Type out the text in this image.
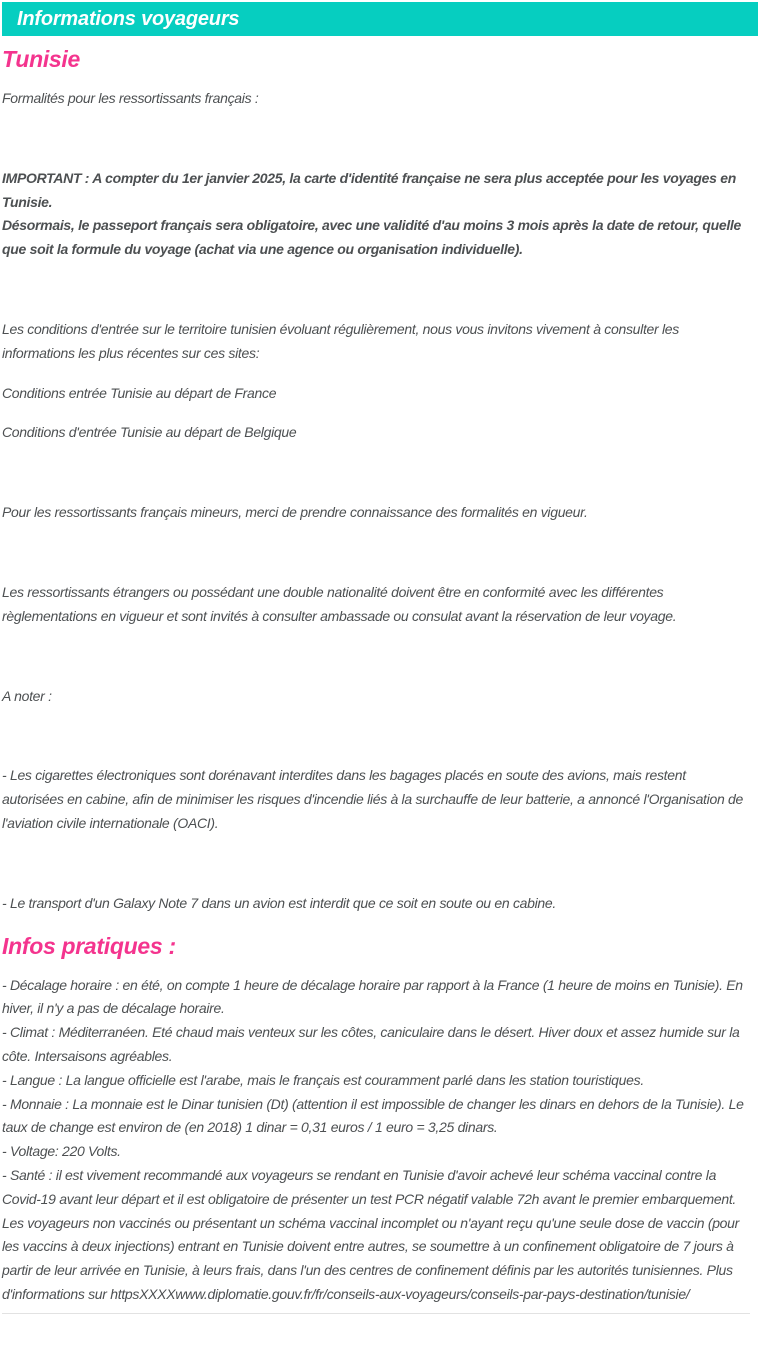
Informations voyageurs
Tunisie

Formalités pour les ressortissants français :

IMPORTANT : A compter du 1er janvier 2025, la carte d'identité française ne sera plus acceptée pour les voyages en Tunisie.

Désormais, le passeport français sera obligatoire, avec une validité d'au moins 3 mois après la date de retour, quelle que soit la formule du voyage (achat via une agence ou organisation individuelle).

Les conditions d'entrée sur le territoire tunisien évoluant régulièrement, nous vous invitons vivement à consulter les informations les plus récentes sur ces sites:

Conditions entrée Tunisie au départ de France

Conditions d'entrée Tunisie au départ de Belgique

Pour les ressortissants français mineurs, merci de prendre connaissance des formalités en vigueur.

Les ressortissants étrangers ou possédant une double nationalité doivent être en conformité avec les différentes règlementations en vigueur et sont invités à consulter ambassade ou consulat avant la réservation de leur voyage.

A noter :

- Les cigarettes électroniques sont dorénavant interdites dans les bagages placés en soute des avions, mais restent autorisées en cabine, afin de minimiser les risques d'incendie liés à la surchauffe de leur batterie, a annoncé l'Organisation de l'aviation civile internationale (OACI).

- Le transport d'un Galaxy Note 7 dans un avion est interdit que ce soit en soute ou en cabine.

Infos pratiques :
- Décalage horaire : en été, on compte 1 heure de décalage horaire par rapport à la France (1 heure de moins en Tunisie). En hiver, il n'y a pas de décalage horaire.
- Climat : Méditerranéen. Eté chaud mais venteux sur les côtes, caniculaire dans le désert. Hiver doux et assez humide sur la côte. Intersaisons agréables.
- Langue : La langue officielle est l'arabe, mais le français est couramment parlé dans les station touristiques.
- Monnaie : La monnaie est le Dinar tunisien (Dt) (attention il est impossible de changer les dinars en dehors de la Tunisie). Le taux de change est environ de (en 2018) 1 dinar = 0,31 euros / 1 euro = 3,25 dinars.
- Voltage: 220 Volts.
- Santé : il est vivement recommandé aux voyageurs se rendant en Tunisie d'avoir achevé leur schéma vaccinal contre la Covid-19 avant leur départ et il est obligatoire de présenter un test PCR négatif valable 72h avant le premier embarquement. Les voyageurs non vaccinés ou présentant un schéma vaccinal incomplet ou n'ayant reçu qu'une seule dose de vaccin (pour les vaccins à deux injections) entrant en Tunisie doivent entre autres, se soumettre à un confinement obligatoire de 7 jours à partir de leur arrivée en Tunisie, à leurs frais, dans l'un des centres de confinement définis par les autorités tunisiennes. Plus d'informations sur httpsXXXXwww.diplomatie.gouv.fr/fr/conseils-aux-voyageurs/conseils-par-pays-destination/tunisie/
